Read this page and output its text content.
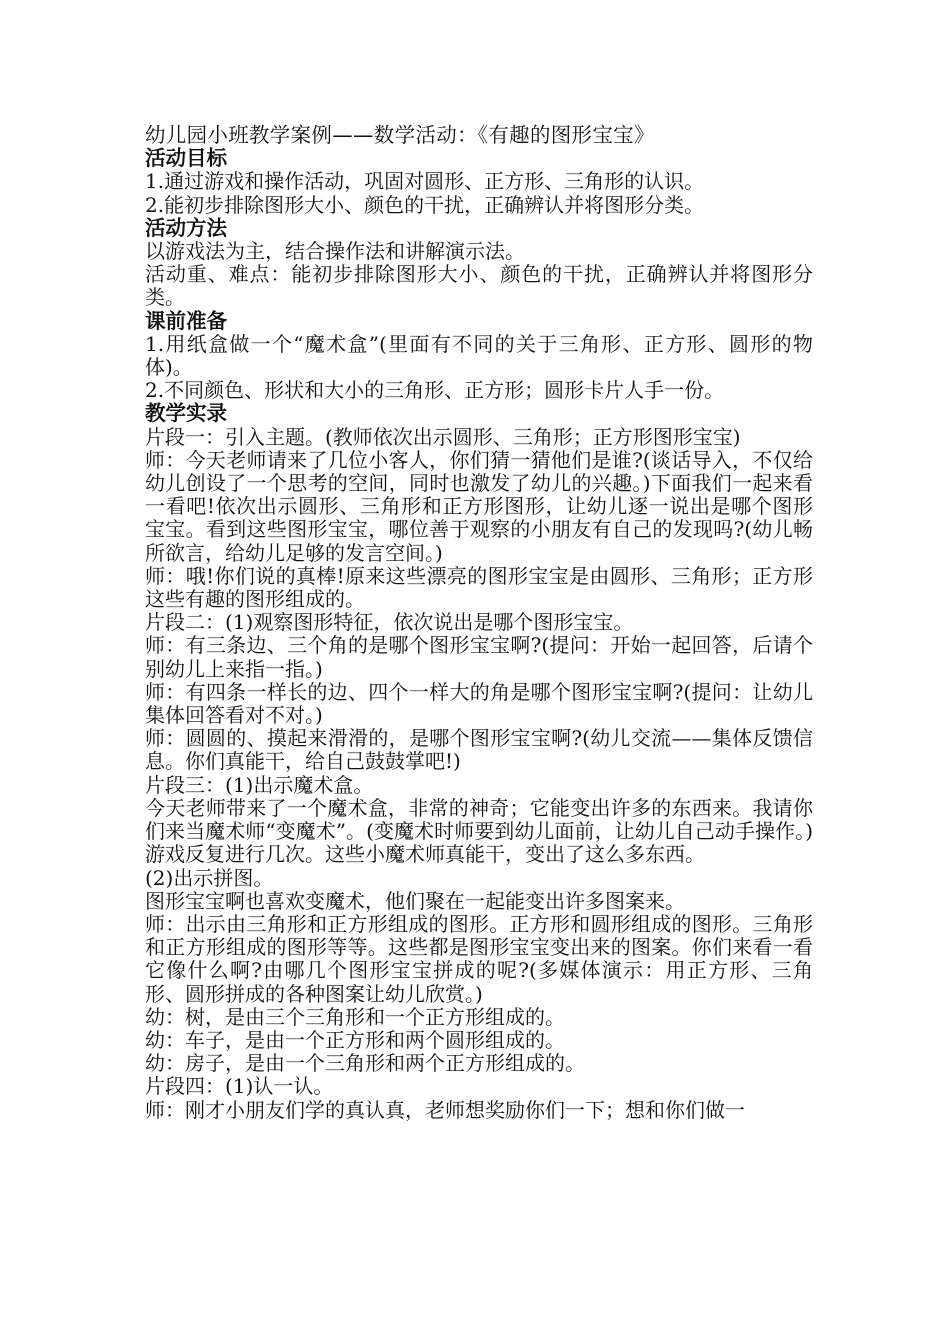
幼儿园小班教学案例——数学活动：《有趣的图形宝宝》

活动目标

1.通过游戏和操作活动，巩固对圆形、正方形、三角形的认识。

2.能初步排除图形大小、颜色的干扰，正确辨认并将图形分类。

活动方法

以游戏法为主，结合操作法和讲解演示法。

活动重、难点：能初步排除图形大小、颜色的干扰，正确辨认并将图形分类。

课前准备

1.用纸盒做一个“魔术盒”(里面有不同的关于三角形、正方形、圆形的物体)。

2.不同颜色、形状和大小的三角形、正方形；圆形卡片人手一份。

教学实录

片段一：引入主题。(教师依次出示圆形、三角形；正方形图形宝宝)

师：今天老师请来了几位小客人，你们猜一猜他们是谁?(谈话导入，不仅给幼儿创设了一个思考的空间，同时也激发了幼儿的兴趣。)下面我们一起来看一看吧!依次出示圆形、三角形和正方形图形，让幼儿逐一说出是哪个图形宝宝。看到这些图形宝宝，哪位善于观察的小朋友有自己的发现吗?(幼儿畅所欲言，给幼儿足够的发言空间。)

师：哦!你们说的真棒!原来这些漂亮的图形宝宝是由圆形、三角形；正方形这些有趣的图形组成的。

片段二：(1)观察图形特征，依次说出是哪个图形宝宝。

师：有三条边、三个角的是哪个图形宝宝啊?(提问：开始一起回答，后请个别幼儿上来指一指。)

师：有四条一样长的边、四个一样大的角是哪个图形宝宝啊?(提问：让幼儿集体回答看对不对。)

师：圆圆的、摸起来滑滑的，是哪个图形宝宝啊?(幼儿交流——集体反馈信息。你们真能干，给自己鼓鼓掌吧!)

片段三：(1)出示魔术盒。

今天老师带来了一个魔术盒，非常的神奇；它能变出许多的东西来。我请你们来当魔术师“变魔术”。(变魔术时师要到幼儿面前，让幼儿自己动手操作。)游戏反复进行几次。这些小魔术师真能干，变出了这么多东西。

(2)出示拼图。

图形宝宝啊也喜欢变魔术，他们聚在一起能变出许多图案来。

师：出示由三角形和正方形组成的图形。正方形和圆形组成的图形。三角形和正方形组成的图形等等。这些都是图形宝宝变出来的图案。你们来看一看它像什么啊?由哪几个图形宝宝拼成的呢?(多媒体演示：用正方形、三角形、圆形拼成的各种图案让幼儿欣赏。)

幼：树，是由三个三角形和一个正方形组成的。

幼：车子，是由一个正方形和两个圆形组成的。

幼：房子，是由一个三角形和两个正方形组成的。

片段四：(1)认一认。

师：刚才小朋友们学的真认真，老师想奖励你们一下；想和你们做一
